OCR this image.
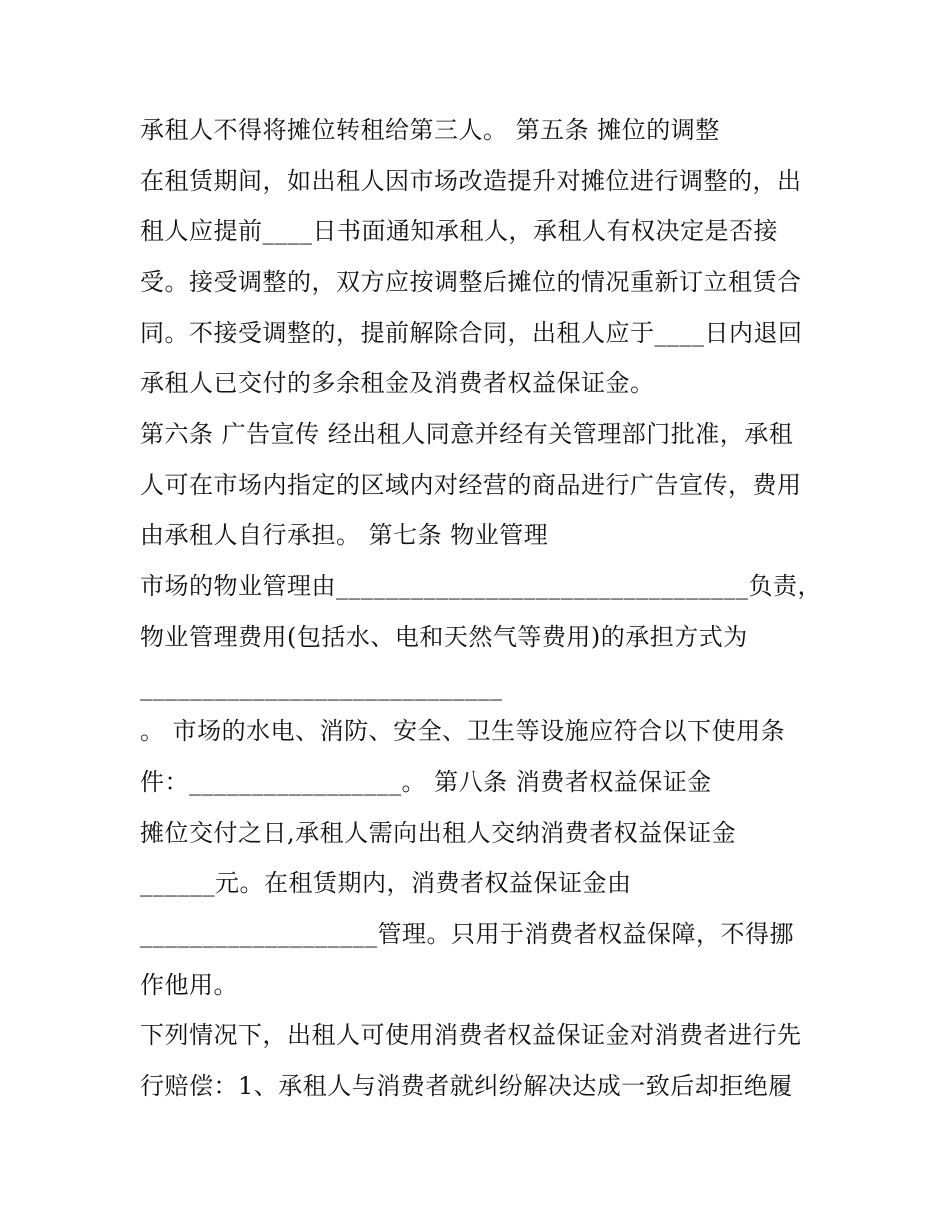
承租人不得将摊位转租给第三人。 第五条 摊位的调整
在租赁期间，如出租人因市场改造提升对摊位进行调整的，出
租人应提前____日书面通知承租人，承租人有权决定是否接
受。接受调整的，双方应按调整后摊位的情况重新订立租赁合
同。不接受调整的，提前解除合同，出租人应于____日内退回
承租人已交付的多余租金及消费者权益保证金。
第六条 广告宣传 经出租人同意并经有关管理部门批准，承租
人可在市场内指定的区域内对经营的商品进行广告宣传，费用
由承租人自行承担。 第七条 物业管理
市场的物业管理由_________________________________负责，
物业管理费用(包括水、电和天然气等费用)的承担方式为
_____________________________
。 市场的水电、消防、安全、卫生等设施应符合以下使用条
件：_________________。 第八条 消费者权益保证金
摊位交付之日,承租人需向出租人交纳消费者权益保证金
______元。在租赁期内，消费者权益保证金由
___________________管理。只用于消费者权益保障，不得挪
作他用。
下列情况下，出租人可使用消费者权益保证金对消费者进行先
行赔偿：1、承租人与消费者就纠纷解决达成一致后却拒绝履
